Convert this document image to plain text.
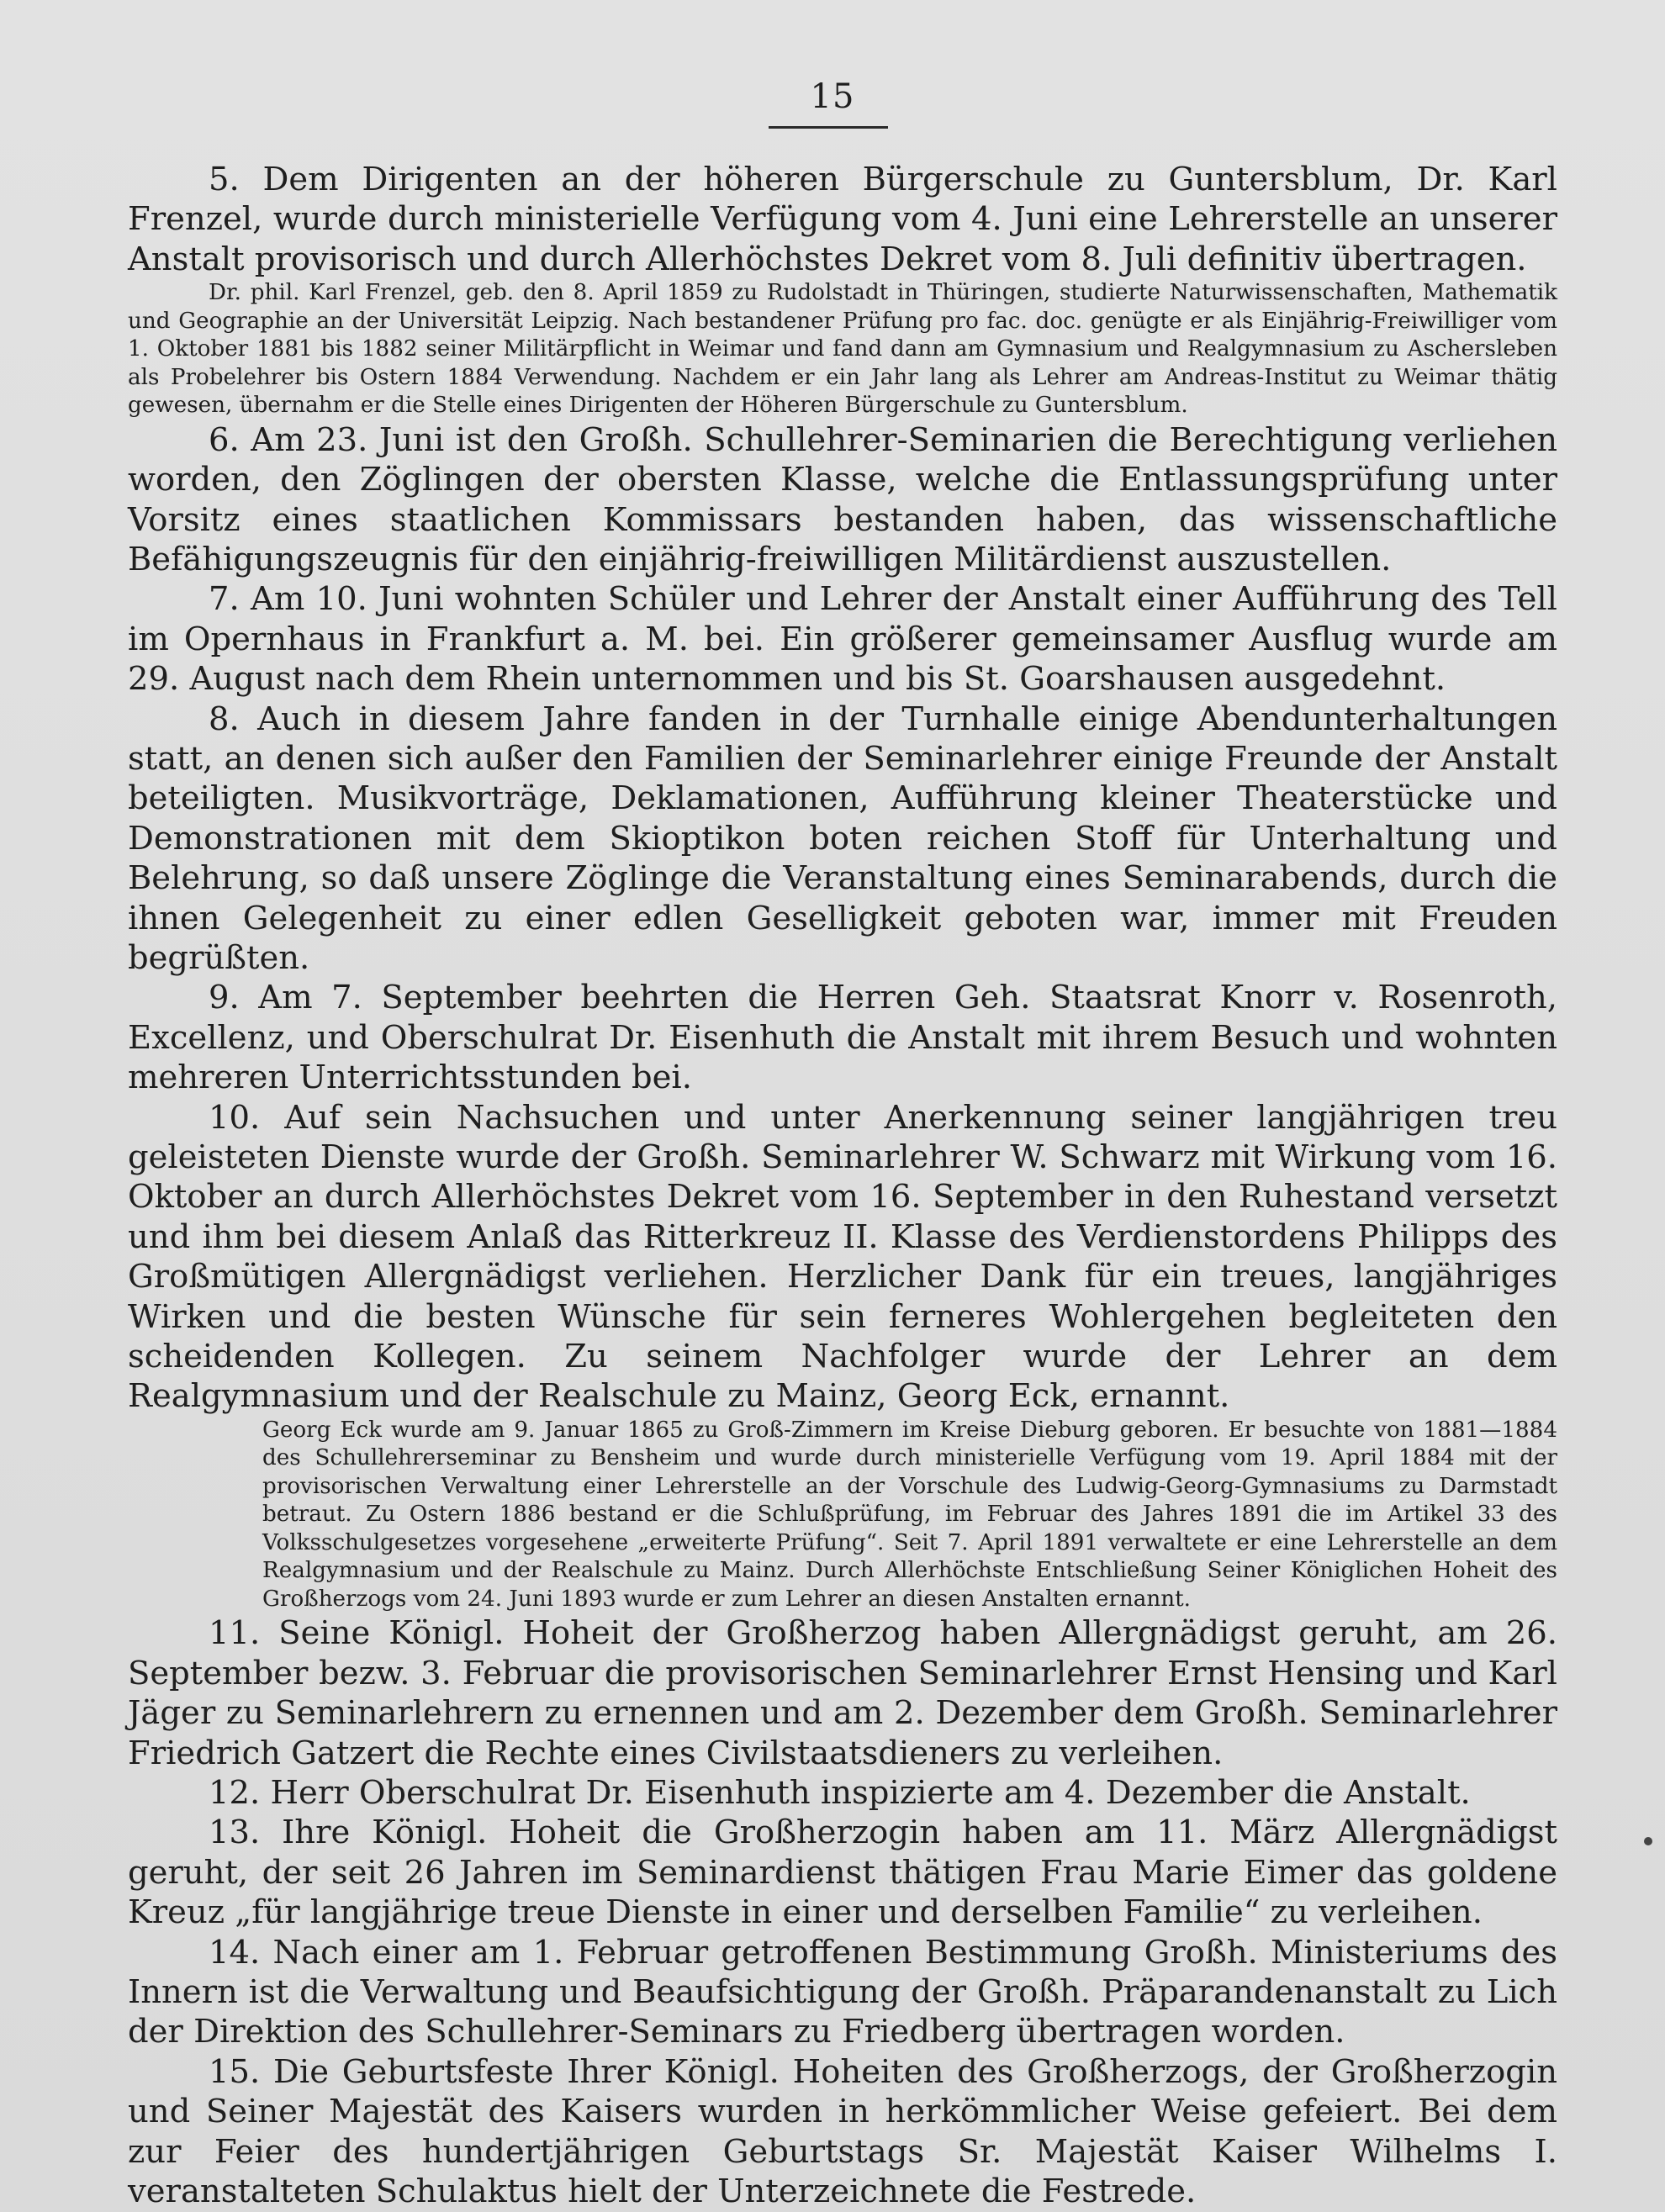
15

5. Dem Dirigenten an der höheren Bürgerschule zu Guntersblum, Dr. Karl Frenzel, wurde durch ministerielle Verfügung vom 4. Juni eine Lehrerstelle an unserer Anstalt provisorisch und durch Allerhöchstes Dekret vom 8. Juli definitiv übertragen.

Dr. phil. Karl Frenzel, geb. den 8. April 1859 zu Rudolstadt in Thüringen, studierte Naturwissenschaften, Mathematik und Geographie an der Universität Leipzig. Nach bestandener Prüfung pro fac. doc. genügte er als Einjährig-Freiwilliger vom 1. Oktober 1881 bis 1882 seiner Militärpflicht in Weimar und fand dann am Gymnasium und Realgymnasium zu Aschersleben als Probelehrer bis Ostern 1884 Verwendung. Nachdem er ein Jahr lang als Lehrer am Andreas-Institut zu Weimar thätig gewesen, übernahm er die Stelle eines Dirigenten der Höheren Bürgerschule zu Guntersblum.

6. Am 23. Juni ist den Großh. Schullehrer-Seminarien die Berechtigung verliehen worden, den Zöglingen der obersten Klasse, welche die Entlassungsprüfung unter Vorsitz eines staatlichen Kommissars bestanden haben, das wissenschaftliche Befähigungszeugnis für den einjährig-freiwilligen Militärdienst auszustellen.

7. Am 10. Juni wohnten Schüler und Lehrer der Anstalt einer Aufführung des Tell im Opernhaus in Frankfurt a. M. bei. Ein größerer gemeinsamer Ausflug wurde am 29. August nach dem Rhein unternommen und bis St. Goarshausen ausgedehnt.

8. Auch in diesem Jahre fanden in der Turnhalle einige Abendunterhaltungen statt, an denen sich außer den Familien der Seminarlehrer einige Freunde der Anstalt beteiligten. Musikvorträge, Deklamationen, Aufführung kleiner Theaterstücke und Demonstrationen mit dem Skioptikon boten reichen Stoff für Unterhaltung und Belehrung, so daß unsere Zöglinge die Veranstaltung eines Seminarabends, durch die ihnen Gelegenheit zu einer edlen Geselligkeit geboten war, immer mit Freuden begrüßten.

9. Am 7. September beehrten die Herren Geh. Staatsrat Knorr v. Rosenroth, Excellenz, und Oberschulrat Dr. Eisenhuth die Anstalt mit ihrem Besuch und wohnten mehreren Unterrichtsstunden bei.

10. Auf sein Nachsuchen und unter Anerkennung seiner langjährigen treu geleisteten Dienste wurde der Großh. Seminarlehrer W. Schwarz mit Wirkung vom 16. Oktober an durch Allerhöchstes Dekret vom 16. September in den Ruhestand versetzt und ihm bei diesem Anlaß das Ritterkreuz II. Klasse des Verdienstordens Philipps des Großmütigen Allergnädigst verliehen. Herzlicher Dank für ein treues, langjähriges Wirken und die besten Wünsche für sein ferneres Wohlergehen begleiteten den scheidenden Kollegen. Zu seinem Nachfolger wurde der Lehrer an dem Realgymnasium und der Realschule zu Mainz, Georg Eck, ernannt.

Georg Eck wurde am 9. Januar 1865 zu Groß-Zimmern im Kreise Dieburg geboren. Er besuchte von 1881—1884 des Schullehrerseminar zu Bensheim und wurde durch ministerielle Verfügung vom 19. April 1884 mit der provisorischen Verwaltung einer Lehrerstelle an der Vorschule des Ludwig-Georg-Gymnasiums zu Darmstadt betraut. Zu Ostern 1886 bestand er die Schlußprüfung, im Februar des Jahres 1891 die im Artikel 33 des Volksschulgesetzes vorgesehene „erweiterte Prüfung“. Seit 7. April 1891 verwaltete er eine Lehrerstelle an dem Realgymnasium und der Realschule zu Mainz. Durch Allerhöchste Entschließung Seiner Königlichen Hoheit des Großherzogs vom 24. Juni 1893 wurde er zum Lehrer an diesen Anstalten ernannt.

11. Seine Königl. Hoheit der Großherzog haben Allergnädigst geruht, am 26. September bezw. 3. Februar die provisorischen Seminarlehrer Ernst Hensing und Karl Jäger zu Seminarlehrern zu ernennen und am 2. Dezember dem Großh. Seminarlehrer Friedrich Gatzert die Rechte eines Civilstaatsdieners zu verleihen.

12. Herr Oberschulrat Dr. Eisenhuth inspizierte am 4. Dezember die Anstalt.

13. Ihre Königl. Hoheit die Großherzogin haben am 11. März Allergnädigst geruht, der seit 26 Jahren im Seminardienst thätigen Frau Marie Eimer das goldene Kreuz „für langjährige treue Dienste in einer und derselben Familie“ zu verleihen.

14. Nach einer am 1. Februar getroffenen Bestimmung Großh. Ministeriums des Innern ist die Verwaltung und Beaufsichtigung der Großh. Präparandenanstalt zu Lich der Direktion des Schullehrer-Seminars zu Friedberg übertragen worden.

15. Die Geburtsfeste Ihrer Königl. Hoheiten des Großherzogs, der Großherzogin und Seiner Majestät des Kaisers wurden in herkömmlicher Weise gefeiert. Bei dem zur Feier des hundertjährigen Geburtstags Sr. Majestät Kaiser Wilhelms I. veranstalteten Schulaktus hielt der Unterzeichnete die Festrede.
